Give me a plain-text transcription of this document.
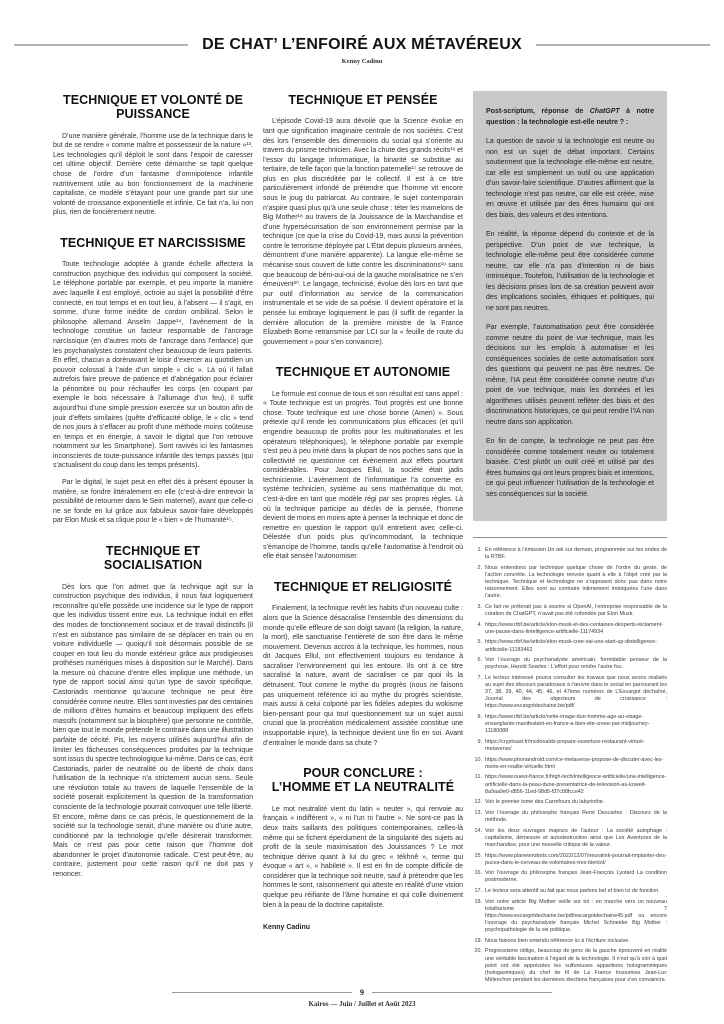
DE CHAT’ L’ENFOIRÉ AUX MÉTAVÉREUX
Kenny Cadinu
TECHNIQUE ET VOLONTÉ DE PUISSANCE

D’une manière générale, l’homme use de la technique dans le but de se rendre « comme maître et possesseur de la nature »¹³. Les technologies qu’il déploit le sont dans l’espoir de caresser cet ultime objectif. Derrière cette démarche se tapit quelque chose de l’ordre d’un fantasme d’omnipotence infantile nutritivement utile au bon fonctionnement de la machinerie capitaliste, ce modèle s’étayant pour une grande part sur une volonté de croissance exponentielle et infinie. Ce fait n’a, lui non plus, rien de foncièrement neutre.

TECHNIQUE ET NARCISSISME

Toute technologie adoptée à grande échelle affectera la construction psychique des individus qui composent la société. Le téléphone portable par exemple, et peu importe la manière avec laquelle il est employé, octroie au sujet la possibilité d’être connecté, en tout temps et en tout lieu, à l’absent — il s’agit, en somme, d’une forme inédite de cordon ombilical. Selon le philosophe allemand Anselm Jappe¹⁴, l’avènement de la technologie constitue un facteur responsable de l’ancrage narcissique (en d’autres mots de l’ancrage dans l’enfance) que les psychanalystes constatent chez beaucoup de leurs patients. En effet, chacun a dorénavant le loisir d’exercer au quotidien un pouvoir colossal à l’aide d’un simple « clic ». Là où il fallait autrefois faire preuve de patience et d’abnégation pour éclairer la pénombre ou pour réchauffer les corps (en coupant par exemple le bois nécessaire à l’allumage d’un feu), il suffit aujourd’hui d’une simple pression exercée sur un bouton afin de jouir d’effets similaires (quête d’efficacité oblige, le « clic » tend de nos jours à s’effacer au profit d’une méthode moins coûteuse en temps et en énergie, à savoir le digital que l’on retrouve notamment sur les Smartphone). Sont ravivés ici les fantasmes inconscients de toute-puissance infantile des temps passés (qui s’actualisent du coup dans les temps présents).

Par le digital, le sujet peut en effet dès à présent épouser la matière, se fondre littéralement en elle (c’est-à-dire entrevoir la possibilité de retourner dans le Sein maternel), avant que celle-ci ne se fonde en lui grâce aux fabuleux savoir-faire développés par Elon Musk et sa clique pour le « bien » de l’humanité¹⁵.

TECHNIQUE ET SOCIALISATION

Dès lors que l’on admet que la technique agit sur la construction psychique des individus, il nous faut logiquement reconnaître qu’elle possède une incidence sur le type de rapport que les individus tissent entre eux. La technique induit en effet des modes de fonctionnement sociaux et de travail distinctifs (il n’est en substance pas similaire de se déplacer en train ou en voiture individuelle — quoiqu’il soit désormais possible de se couper en tout lieu du monde extérieur grâce aux prodigieuses prothèses numériques mises à disposition sur le Marché). Dans la mesure où chacune d’entre elles implique une méthode, un type de rapport social ainsi qu’un type de savoir spécifique, Castoriadis mentionne qu’aucune technique ne peut être considérée comme neutre. Elles sont investies par des centaines de millions d’êtres humains et beaucoup impliquent des effets massifs (notamment sur la biosphère) que personne ne contrôle, bien que tout le monde prétende le contraire dans une illustration parfaite de cécité. Pis, les moyens utilisés aujourd’hui afin de limiter les fâcheuses conséquences produites par la technique sont issus du spectre technologique lui-même. Dans ce cas, écrit Castoriadis, parler de neutralité ou de liberté de choix dans l’utilisation de la technique n’a strictement aucun sens. Seule une révolution totale au travers de laquelle l’ensemble de la société poserait explicitement la question de la transformation consciente de la technologie pourrait convoquer une telle liberté. Et encore, même dans ce cas précis, le questionnement de la société sur la technologie serait, d’une manière ou d’une autre, conditionné par la technologie qu’elle désirerait transformer. Mais ce n’est pas pour cette raison que l’homme doit abandonner le projet d’autonomie radicale. C’est peut-être, au contraire, justement pour cette raison qu’il ne doit pas y renoncer.

TECHNIQUE ET PENSÉE

L’épisode Covid-19 aura dévoilé que la Science évolue en tant que signification imaginaire centrale de nos sociétés. C’est dès lors l’ensemble des dimensions du social qui s’oriente au travers du prisme technicien. Avec la chute des grands récits¹⁶ et l’essor du langage informatique, la binarité se substitue au tertiaire, de telle façon que la fonction paternelle¹⁷ se retrouve de plus en plus discréditée par le collectif. Il est à ce titre particulièrement infondé de prétendre que l’homme vit encore sous le joug du patriarcat. Au contraire, le sujet contemporain n’aspire quasi plus qu’à une seule chose : téter les mamelons de Big Mother¹⁸ au travers de la Jouissance de la Marchandise et d’une hypersécurisation de son environnement permise par la technique (ce que la crise du Covid-19, mais aussi la prévention contre le terrorisme déployée par L’État depuis plusieurs années, démontrent d’une manière apparente). La langue elle-même se mécanise sous couvert de lutte contre les discriminations¹⁹ sans que beaucoup de béni-oui-oui de la gauche moralisatrice ne s’en émeuvent²⁰. Le langage, technicisé, évolue dès lors en tant que pur outil d’information au service de la communication instrumentale et se vide de sa poésie. Il devient opératoire et la pensée lui embraye logiquement le pas (il suffit de regarder la dernière allocution de la première ministre de la France Elizabeth Borne retransmise par LCI sur la « feuille de route du gouvernement » pour s’en convaincre).

TECHNIQUE ET AUTONOMIE

Le formule est connue de tous et son résultat est sans appel : « Toute technique est un progrès. Tout progrès est une bonne chose. Toute technique est une chose bonne (Amen) ». Sous prétexte qu’il rende les communications plus efficaces (et qu’il engendre beaucoup de profits pour les multinationales et les opérateurs téléphoniques), le téléphone portable par exemple s’est peu à peu invité dans la plupart de nos poches sans que la collectivité ne questionne cet évènement aux effets pourtant considérables. Pour Jacques Ellul, la société était jadis technicienne. L’avènement de l’informatique l’a convertie en système technicien, système au sens mathématique du mot, c’est-à-dire en tant que modèle régi par ses propres règles. Là où la technique participe au déclin de la pensée, l’homme devient de moins en moins apte à penser la technique et donc de remettre en question le rapport qu’il entretient avec celle-ci. Délestée d’un poids plus qu’incommodant, la technique s’émancipe de l’homme, tandis qu’elle l’automatise à l’endroit où elle était sensée l’autonomiser.

TECHNIQUE ET RELIGIOSITÉ

Finalement, la technique revêt les habits d’un nouveau culte : alors que la Science désacralise l’ensemble des dimensions du monde qu’elle effleure de son doigt savant (la religion, la nature, la mort), elle sanctuarise l’entièreté de son être dans le même mouvement. Devenus accros à la technique, les hommes, nous dit Jacques Ellul, ont effectivement toujours eu tendance à sacraliser l’environnement qui les entoure. Ils ont à ce titre sacralisé la nature, avant de sacraliser ce par quoi ils la détruisent. Tout comme le mythe du progrès (nous ne faisons pas uniquement référence ici au mythe du progrès scientiste, mais aussi à celui colporté par les fidèles adeptes du wokisme bien-pensant pour qui tout questionnement sur un sujet aussi crucial que la procréation médicalement assistée constitue une insupportable injure), la technique devient une fin en soi. Avant d’entraîner le monde dans sa chute ?

POUR CONCLURE :
L’HOMME ET LA NEUTRALITÉ

Le mot neutralité vient du latin « neuter », qui renvoie au français « indifférent », « ni l’un ni l’autre ». Ne sont-ce pas là deux traits saillants des politiques contemporaines, celles-là même qui se fichent éperdument de la singularité des sujets au profit de la seule maximisation des Jouissances ? Le mot technique dérive quant à lui du grec « tékhnê », terme qui évoque « art », « habileté ». Il est en fin de compte difficile de considérer que la technique soit neutre, sauf à prétendre que les hommes le sont, raisonnement qui atteste en réalité d’une vision quelque peu réifiante de l’âme humaine et qui colle divinement bien à la peau de la doctrine capitaliste.

Kenny Cadinu

Post-scriptum, réponse de ChatGPT à notre question : la technologie est-elle neutre ? :

La question de savoir si la technologie est neutre ou non est un sujet de débat important. Certains soutiennent que la technologie elle-même est neutre, car elle est simplement un outil ou une application d’un savoir-faire scientifique. D’autres affirment que la technologie n’est pas neutre, car elle est créée, mise en œuvre et utilisée par des êtres humains qui ont des biais, des valeurs et des intentions.

En réalité, la réponse dépend du contexte et de la perspective. D’un point de vue technique, la technologie elle-même peut être considérée comme neutre, car elle n’a pas d’intention ni de biais intrinsèque. Toutefois, l’utilisation de la technologie et les décisions prises lors de sa création peuvent avoir des implications sociales, éthiques et politiques, qui ne sont pas neutres.

Par exemple, l’automatisation peut être considérée comme neutre du point de vue technique, mais les décisions sur les emplois à automatiser et les conséquences sociales de cette automatisation sont des questions qui peuvent ne pas être neutres. De même, l’IA peut être considérée comme neutre d’un point de vue technique, mais les données et les algorithmes utilisés peuvent refléter des biais et des discriminations historiques, ce qui peut rendre l’IA non neutre dans son application.

En fin de compte, la technologie ne peut pas être considérée comme totalement neutre ou totalement biaisée. C’est plutôt un outil créé et utilisé par des êtres humains qui ont leurs propres biais et intentions, ce qui peut influencer l’utilisation de la technologie et ses conséquences sur la société.

1. En référence à l’émission Un œil sur demain, programmée sur les ondes de la RTBF.
2. Nous entendons par technique quelque chose de l’ordre du geste, de l’action concrète. La technologie renvoie quant à elle à l’objet créé par la technique. Technique et technologie ne s’opposent donc pas dans notre raisonnement. Elles sont au contraire intimement imbriquées l’une dans l’autre.
3. Ce fait ne prêterait pas à sourire si OpenAI, l’entreprise responsable de la création de ChatGPT, n’avait pas été cofondée par Elon Musk.
4. https://www.rtbf.be/article/elon-musk-et-des-centaines-dexperts-reclament-une-pause-dans-lintelligence-artificielle-11174934
5. https://www.rtbf.be/article/elon-musk-cree-xai-une-start-up-dintelligence-artificielle-11183462
6. Voir l’ouvrage du psychanalyste américain, formidable penseur de la psychose, Harold Searles : L’effort pour rendre l’autre fou.
7. Le lecteur intéressé pourra consulter les travaux que nous avons réalisés au sujet des discours paradoxaux à l’œuvre dans le social en parcourant les 37, 38, 39, 40, 44, 45, 46, et 47ème numéros de L’Escargot déchaîné, Journal des objecteurs de croissance : https://www.escargotdechaine.be/pdf/
8. https://www.rtbf.be/article/cette-image-dun-homme-age-au-visage-ensanglante-manifestant-en-france-a-bien-ete-creee-par-midjourney-11180088
9. https://cryptoast.fr/mcdonalds-prepare-ouverture-restaurant-virtuel-metaverse/
10. https://www.phonandroid.com/ce-metaverse-propose-de-discuter-avec-les-morts-en-realite-virtuelle.html
11. https://www.ouest-france.fr/high-tech/intelligence-artificielle/une-intelligence-artificielle-dans-la-peau-dune-presentatrice-de-television-au-koweit-8a9aa9e0-d856-11ed-98d5-f37c88fcce42
12. Voir le premier tome des Carrefours du labyrinthe.
13. Voir l’ouvrage du philosophe français René Descartes : Discours de la méthode.
14. Voir les deux ouvrages majeurs de l’auteur : La société autophage : capitalisme, démesure et autodestruction ainsi que Les Aventures de la marchandise, pour une nouvelle critique de la valeur.
15. https://www.planeterobots.com/2022/12/07/neuralink-pourrait-implanter-des-puces-dans-le-cerveau-de-volontaires-tres-bientot/
16. Voir l’ouvrage du philosophe français Jean-François Lyotard La condition postmoderne.
17. Le lecteur sera attentif au fait que nous parlons bel et bien ici de fonction.
18. Voir notre article Big Mother veille sur toi : en marche vers un nouveau totalitarisme ? https://www.escargotdechaine.be/pdf/escargotdechaine45.pdf ou encore l’ouvrage du psychanalyste français Michel Schneider Big Mother : psychopathologie de la vie politique.
19. Nous faisons bien entendu référence ici à l’écriture inclusive.
20. Progressisme oblige, beaucoup de gens de la gauche éprouvent en réalité une véritable fascination à l’égard de la technologie. Il n’est qu’à voir à quel point ont été appréciées les sulfureuses apparitions hologrammiques (hologasmiques) du chef de fil de La France Insoumise Jean-Luc Mélenchon pendant les dernières élections françaises pour s’en convaincre.
9
Kairos — Juin / Juillet et Août 2023
